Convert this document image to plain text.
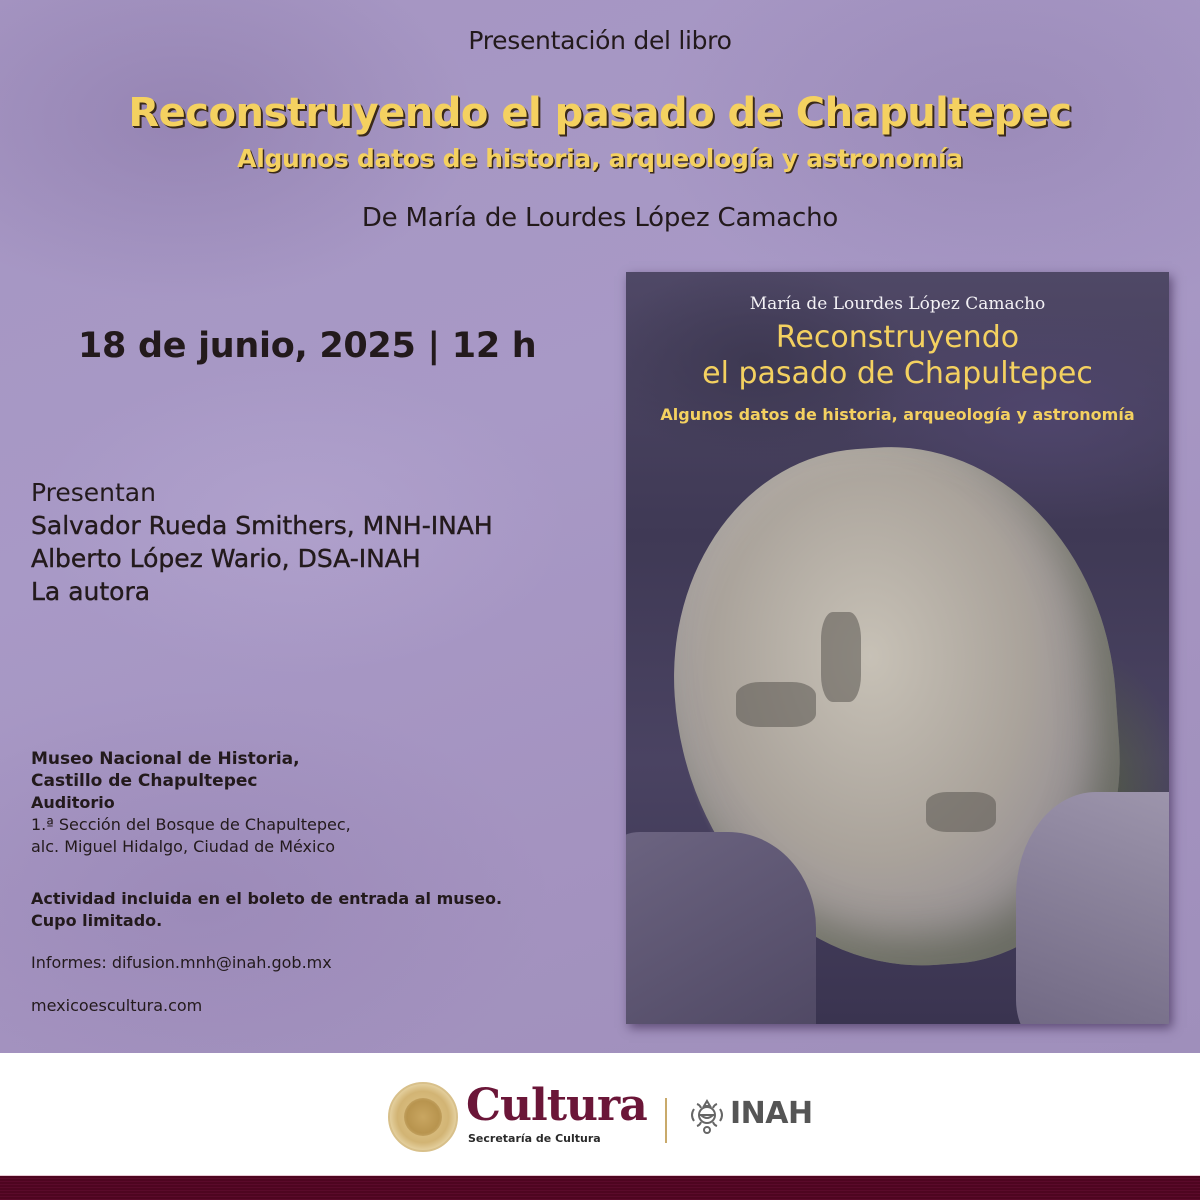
Presentación del libro
Reconstruyendo el pasado de Chapultepec
Algunos datos de historia, arqueología y astronomía
De María de Lourdes López Camacho
18 de junio, 2025 | 12 h
Presentan
Salvador Rueda Smithers, MNH-INAH
Alberto López Wario, DSA-INAH
La autora
Museo Nacional de Historia,
Castillo de Chapultepec
Auditorio
1.ª Sección del Bosque de Chapultepec,
alc. Miguel Hidalgo, Ciudad de México
Actividad incluida en el boleto de entrada al museo.
Cupo limitado.
Informes: difusion.mnh@inah.gob.mx
mexicoescultura.com
María de Lourdes López Camacho
Reconstruyendo
el pasado de Chapultepec
Algunos datos de historia, arqueología y astronomía
Cultura
Secretaría de Cultura
INAH
